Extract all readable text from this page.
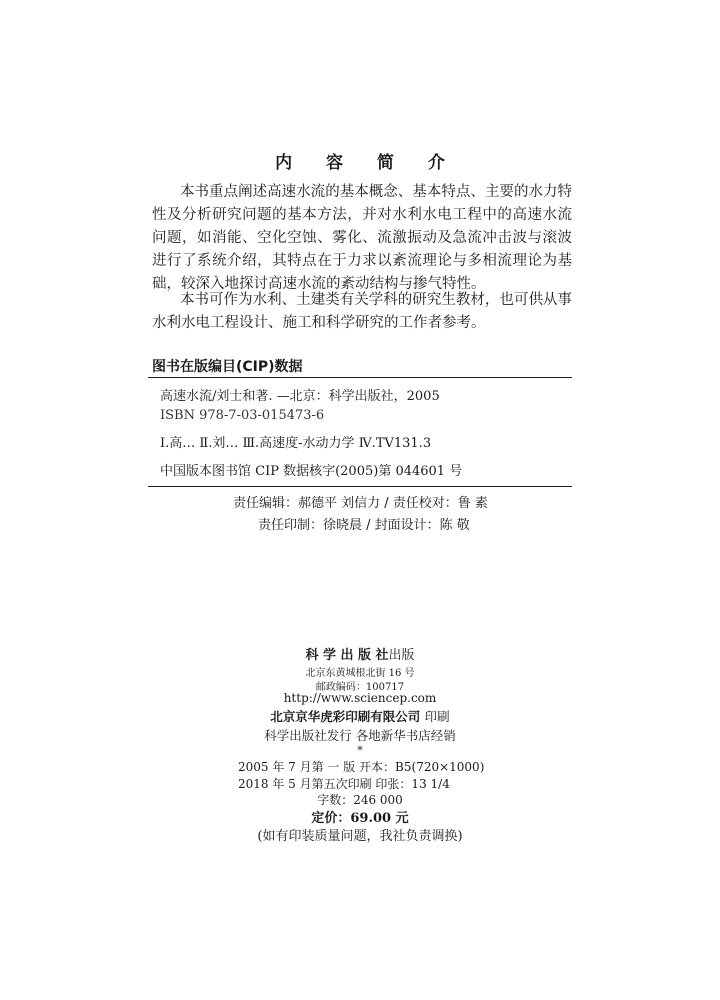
内 容 简 介
本书重点阐述高速水流的基本概念、基本特点、主要的水力特性及分析研究问题的基本方法，并对水利水电工程中的高速水流问题，如消能、空化空蚀、雾化、流激振动及急流冲击波与滚波进行了系统介绍，其特点在于力求以紊流理论与多相流理论为基础，较深入地探讨高速水流的紊动结构与掺气特性。
本书可作为水利、土建类有关学科的研究生教材，也可供从事水利水电工程设计、施工和科学研究的工作者参考。
图书在版编目(CIP)数据
高速水流/刘士和著. —北京：科学出版社，2005
ISBN 978-7-03-015473-6
Ⅰ.高… Ⅱ.刘… Ⅲ.高速度-水动力学 Ⅳ.TV131.3
中国版本图书馆 CIP 数据核字(2005)第 044601 号
责任编辑：郝德平 刘信力 / 责任校对：鲁 素
责任印制：徐晓晨 / 封面设计：陈 敬
科 学 出 版 社出版
北京东黄城根北街 16 号
邮政编码：100717
http://www.sciencep.com
北京京华虎彩印刷有限公司 印刷
科学出版社发行 各地新华书店经销
*
2005 年 7 月第 一 版 开本：B5(720×1000)
2018 年 5 月第五次印刷 印张：13 1/4
字数：246 000
定价：69.00 元
(如有印装质量问题，我社负责调换)
